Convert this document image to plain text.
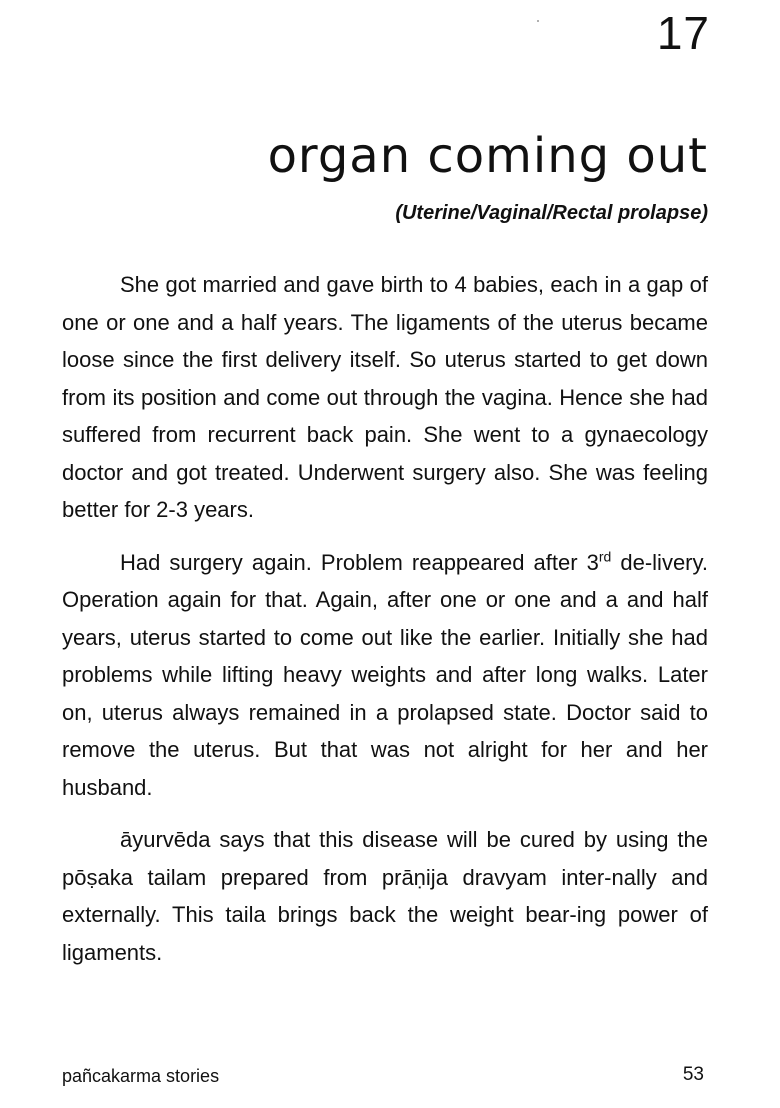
17
organ coming out
(Uterine/Vaginal/Rectal prolapse)

She got married and gave birth to 4 babies, each in a gap of one or one and a half years. The ligaments of the uterus became loose since the first delivery itself. So uterus started to get down from its position and come out through the vagina. Hence she had suffered from recurrent back pain. She went to a gynaecology doctor and got treated. Underwent surgery also. She was feeling better for 2-3 years.

Had surgery again. Problem reappeared after 3rd de-livery. Operation again for that. Again, after one or one and a and half years, uterus started to come out like the earlier. Initially she had problems while lifting heavy weights and after long walks. Later on, uterus always remained in a prolapsed state. Doctor said to remove the uterus. But that was not alright for her and her husband.

āyurvēda says that this disease will be cured by using the pōṣaka tailam prepared from prāṇija dravyam inter-nally and externally. This taila brings back the weight bear-ing power of ligaments.

pañcakarma stories	53
